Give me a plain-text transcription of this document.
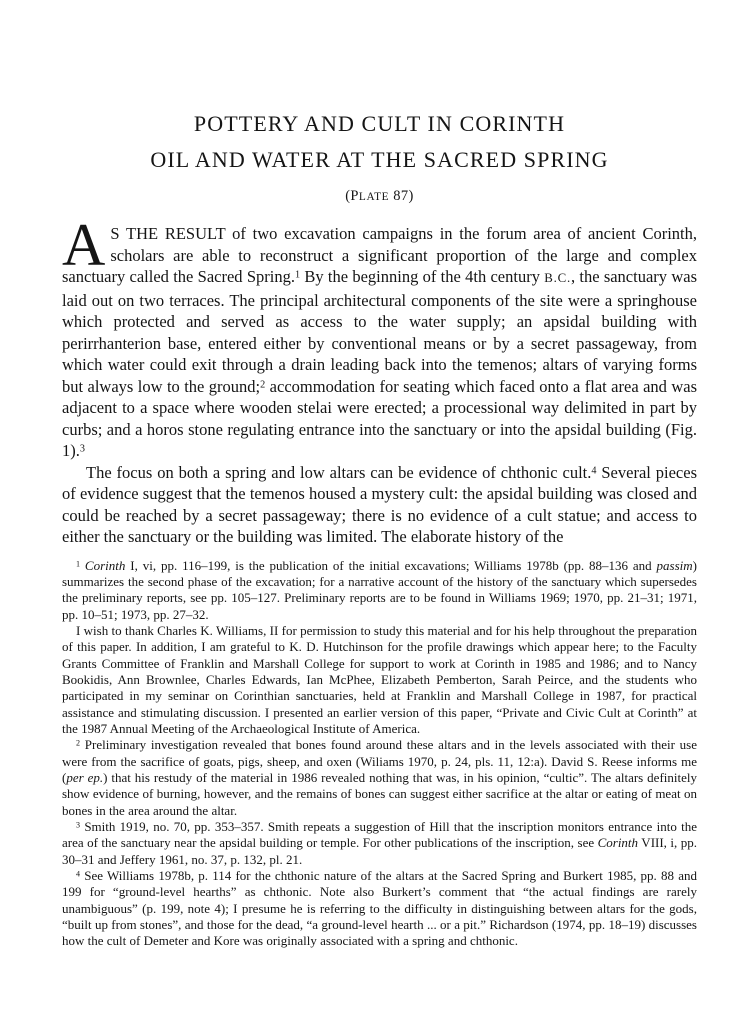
POTTERY AND CULT IN CORINTH
OIL AND WATER AT THE SACRED SPRING

(PLATE 87)

A S THE RESULT of two excavation campaigns in the forum area of ancient Corinth, scholars are able to reconstruct a significant proportion of the large and complex sanctuary called the Sacred Spring.$^1$ By the beginning of the 4th century B.C., the sanctuary was laid out on two terraces. The principal architectural components of the site were a springhouse which protected and served as access to the water supply; an apsidal building with perirrhanterion base, entered either by conventional means or by a secret passageway, from which water could exit through a drain leading back into the temenos; altars of varying forms but always low to the ground;$^2$ accommodation for seating which faced onto a flat area and was adjacent to a space where wooden stelai were erected; a processional way delimited in part by curbs; and a horos stone regulating entrance into the sanctuary or into the apsidal building (Fig. 1).$^3$

The focus on both a spring and low altars can be evidence of chthonic cult.$^4$ Several pieces of evidence suggest that the temenos housed a mystery cult: the apsidal building was closed and could be reached by a secret passageway; there is no evidence of a cult statue; and access to either the sanctuary or the building was limited. The elaborate history of the

$^1$ Corinth I, vi, pp. 116–199, is the publication of the initial excavations; Williams 1978b (pp. 88–136 and passim) summarizes the second phase of the excavation; for a narrative account of the history of the sanctuary which supersedes the preliminary reports, see pp. 105–127. Preliminary reports are to be found in Williams 1969; 1970, pp. 21–31; 1971, pp. 10–51; 1973, pp. 27–32.

I wish to thank Charles K. Williams, II for permission to study this material and for his help throughout the preparation of this paper. In addition, I am grateful to K. D. Hutchinson for the profile drawings which appear here; to the Faculty Grants Committee of Franklin and Marshall College for support to work at Corinth in 1985 and 1986; and to Nancy Bookidis, Ann Brownlee, Charles Edwards, Ian McPhee, Elizabeth Pemberton, Sarah Peirce, and the students who participated in my seminar on Corinthian sanctuaries, held at Franklin and Marshall College in 1987, for practical assistance and stimulating discussion. I presented an earlier version of this paper, “Private and Civic Cult at Corinth” at the 1987 Annual Meeting of the Archaeological Institute of America.

$^2$ Preliminary investigation revealed that bones found around these altars and in the levels associated with their use were from the sacrifice of goats, pigs, sheep, and oxen (Wiliams 1970, p. 24, pls. 11, 12:a). David S. Reese informs me (per ep.) that his restudy of the material in 1986 revealed nothing that was, in his opinion, “cultic”. The altars definitely show evidence of burning, however, and the remains of bones can suggest either sacrifice at the altar or eating of meat on bones in the area around the altar.

$^3$ Smith 1919, no. 70, pp. 353–357. Smith repeats a suggestion of Hill that the inscription monitors entrance into the area of the sanctuary near the apsidal building or temple. For other publications of the inscription, see Corinth VIII, i, pp. 30–31 and Jeffery 1961, no. 37, p. 132, pl. 21.

$^4$ See Williams 1978b, p. 114 for the chthonic nature of the altars at the Sacred Spring and Burkert 1985, pp. 88 and 199 for “ground-level hearths” as chthonic. Note also Burkert’s comment that “the actual findings are rarely unambiguous” (p. 199, note 4); I presume he is referring to the difficulty in distinguishing between altars for the gods, “built up from stones”, and those for the dead, “a ground-level hearth ... or a pit.” Richardson (1974, pp. 18–19) discusses how the cult of Demeter and Kore was originally associated with a spring and chthonic.
